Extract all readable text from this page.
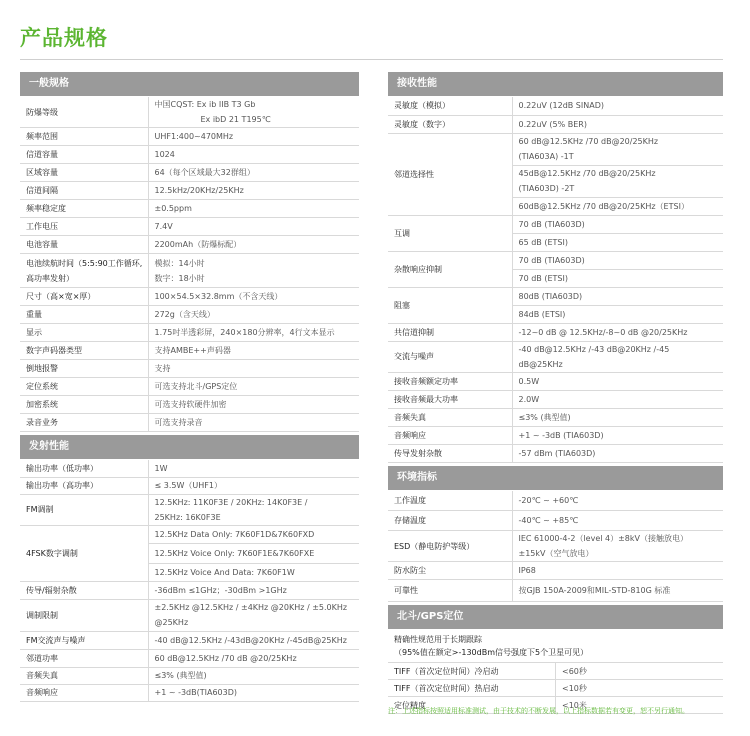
产品规格
一般规格
防爆等级	中国CQST: Ex ib IIB T3 Gb
Ex ibD 21 T195℃

频率范围	UHF1:400~470MHz

信道容量	1024

区域容量	64（每个区域最大32群组）

信道间隔	12.5kHz/20KHz/25KHz

频率稳定度	±0.5ppm

工作电压	7.4V

电池容量	2200mAh（防爆标配）

电池续航时间（5:5:90工作循环,高功率发射）	模拟：14小时
数字：18小时

尺寸（高×宽×厚）	100×54.5×32.8mm（不含天线）

重量	272g（含天线）

显示	1.75吋半透彩屏，240×180分辨率，4行文本显示

数字声码器类型	支持AMBE++声码器

倒地报警	支持

定位系统	可选支持北斗/GPS定位

加密系统	可选支持软硬件加密

录音业务	可选支持录音
发射性能
输出功率（低功率）	1W

输出功率（高功率）	≤ 3.5W（UHF1）

FM调制	12.5KHz: 11K0F3E / 20KHz: 14K0F3E /
25KHz: 16K0F3E

4FSK数字调制	12.5KHz Data Only: 7K60F1D&7K60FXD

	12.5KHz Voice Only: 7K60F1E&7K60FXE

	12.5KHz Voice And Data: 7K60F1W

传导/辐射杂散	-36dBm ≤1GHz；-30dBm >1GHz

调制限制	±2.5KHz @12.5KHz / ±4KHz @20KHz / ±5.0KHz
@25KHz

FM交流声与噪声	-40 dB@12.5KHz /-43dB@20KHz /-45dB@25KHz

邻道功率	60 dB@12.5KHz /70 dB @20/25KHz

音频失真	≤3% (典型值)

音频响应	+1 ~ -3dB(TIA603D)
接收性能
灵敏度（模拟）	0.22uV (12dB SINAD)

灵敏度（数字）	0.22uV (5% BER)

邻道选择性	60 dB@12.5KHz /70 dB@20/25KHz
(TIA603A) -1T

	45dB@12.5KHz /70 dB@20/25KHz
(TIA603D) -2T

	60dB@12.5KHz /70 dB@20/25KHz（ETSI）

互调	70 dB (TIA603D)

	65 dB (ETSI)

杂散响应抑制	70 dB (TIA603D)

	70 dB (ETSI)

阻塞	80dB (TIA603D)

	84dB (ETSI)

共信道抑制	-12~0 dB @ 12.5KHz/-8~0 dB @20/25KHz

交流与噪声	-40 dB@12.5KHz /-43 dB@20KHz /-45
dB@25KHz

接收音频额定功率	0.5W

接收音频最大功率	2.0W

音频失真	≤3% (典型值)

音频响应	+1 ~ -3dB (TIA603D)

传导发射杂散	-57 dBm (TIA603D)
环境指标
工作温度	-20℃ ~ +60℃

存储温度	-40℃ ~ +85℃

ESD（静电防护等级）	IEC 61000-4-2（level 4）±8kV（接触放电）
±15kV（空气放电）

防水防尘	IP68

可靠性	按GJB 150A-2009和MIL-STD-810G 标准
北斗/GPS定位
精确性规范用于长期跟踪
（95%值在额定>-130dBm信号强度下5个卫星可见）	

TIFF（首次定位时间）冷启动	<60秒
TIFF（首次定位时间）热启动	<10秒
定位精度	<10米
注：上述指标按照适用标准测试，由于技术的不断发展，以上指标数据若有变更，恕不另行通知。
